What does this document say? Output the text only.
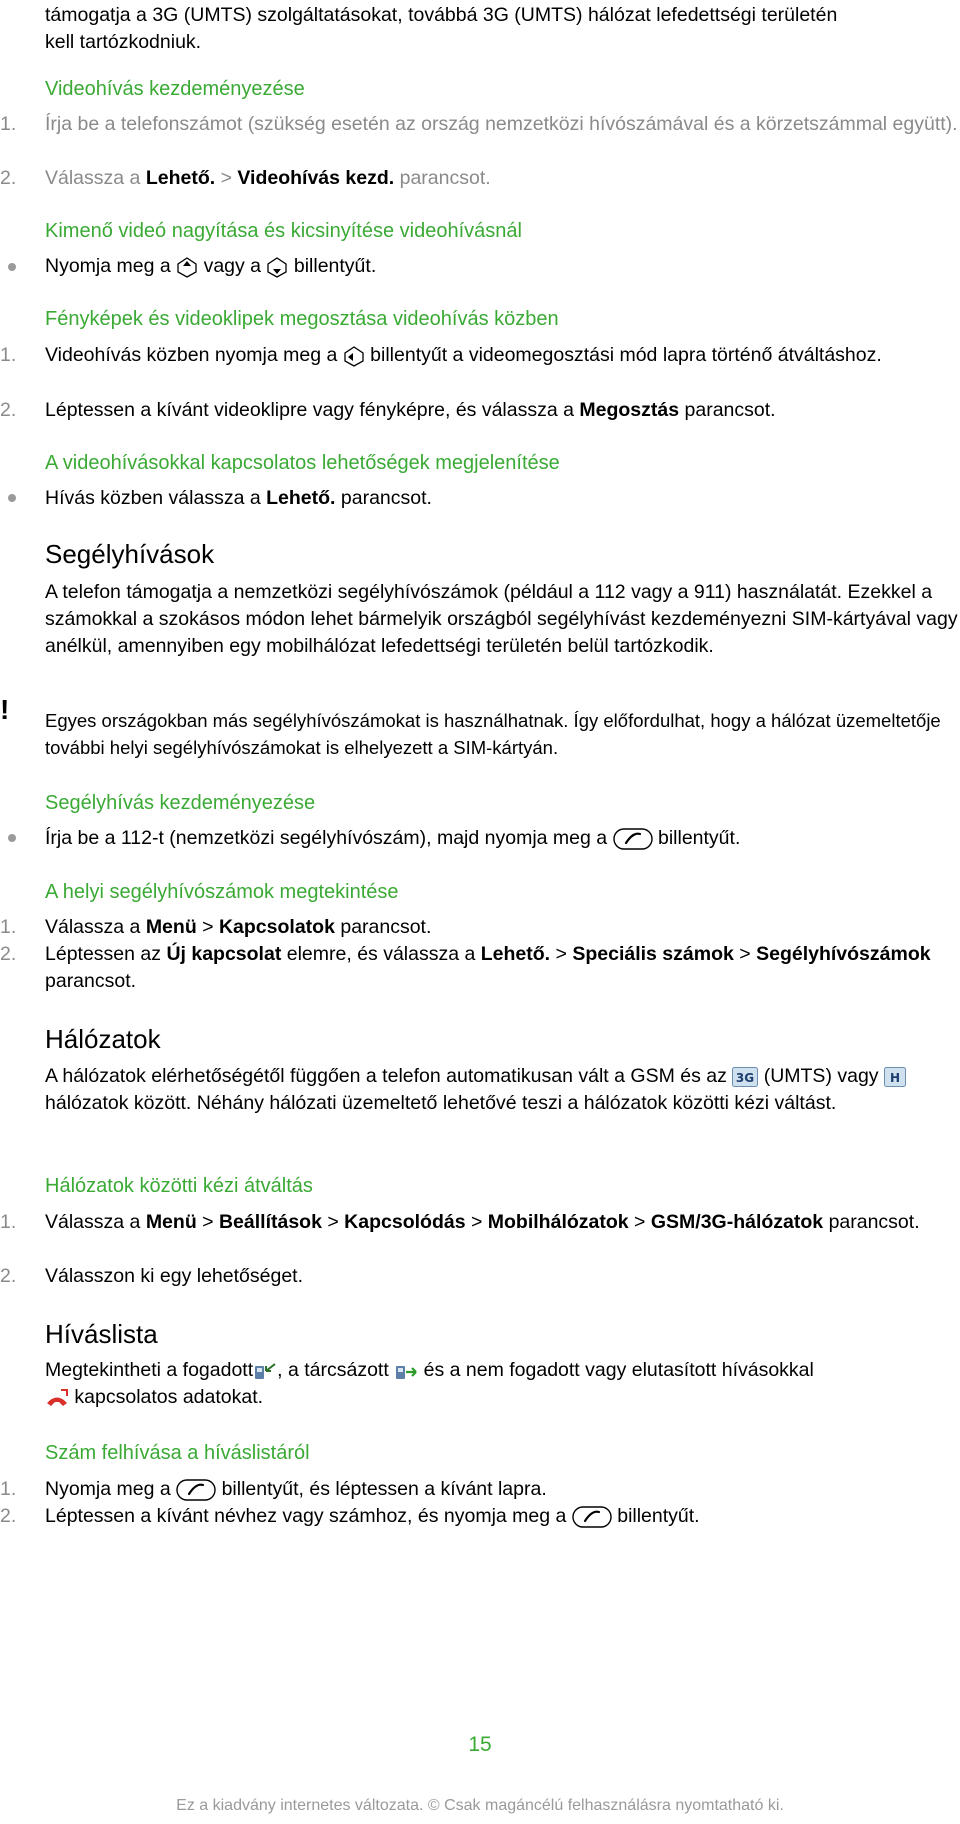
támogatja a 3G (UMTS) szolgáltatásokat, továbbá 3G (UMTS) hálózat lefedettségi területén
kell tartózkodniuk.

Videohívás kezdeményezése
1.	Írja be a telefonszámot (szükség esetén az ország nemzetközi hívószámával és a körzetszámmal együtt).

2.	Válassza a Lehető. > Videohívás kezd. parancsot.

Kimenő videó nagyítása és kicsinyítése videohívásnál

Nyomja meg a vagy a billentyűt.

Fényképek és videoklipek megosztása videohívás közben
1.	Videohívás közben nyomja meg a billentyűt a videomegosztási mód lapra történő átváltáshoz.

2.	Léptessen a kívánt videoklipre vagy fényképre, és válassza a Megosztás parancsot.

A videohívásokkal kapcsolatos lehetőségek megjelenítése

Hívás közben válassza a Lehető. parancsot.

Segélyhívások

A telefon támogatja a nemzetközi segélyhívószámok (például a 112 vagy a 911) használatát. Ezekkel a számokkal a szokásos módon lehet bármelyik országból segélyhívást kezdeményezni SIM-kártyával vagy anélkül, amennyiben egy mobilhálózat lefedettségi területén belül tartózkodik.

! Egyes országokban más segélyhívószámokat is használhatnak. Így előfordulhat, hogy a hálózat üzemeltetője további helyi segélyhívószámokat is elhelyezett a SIM-kártyán.

Segélyhívás kezdeményezése

Írja be a 112-t (nemzetközi segélyhívószám), majd nyomja meg a	billentyűt.

A helyi segélyhívószámok megtekintése
1.	Válassza a Menü > Kapcsolatok parancsot.

2.	Léptessen az Új kapcsolat elemre, és válassza a Lehető. > Speciális számok > Segélyhívószámok parancsot.

Hálózatok

A hálózatok elérhetőségétől függően a telefon automatikusan vált a GSM és az 3G (UMTS) vagy H
hálózatok között. Néhány hálózati üzemeltető lehetővé teszi a hálózatok közötti kézi váltást.

Hálózatok közötti kézi átváltás
1.	Válassza a Menü > Beállítások > Kapcsolódás > Mobilhálózatok > GSM/3G-hálózatok parancsot.

2.	Válasszon ki egy lehetőséget.

Híváslista

Megtekintheti a fogadott , a tárcsázott és a nem fogadott vagy elutasított hívásokkal

kapcsolatos adatokat.

Szám felhívása a híváslistáról
1.	Nyomja meg a	billentyűt, és léptessen a kívánt lapra.

2.	Léptessen a kívánt névhez vagy számhoz, és nyomja meg a	billentyűt.

15
Ez a kiadvány internetes változata. © Csak magáncélú felhasználásra nyomtatható ki.
